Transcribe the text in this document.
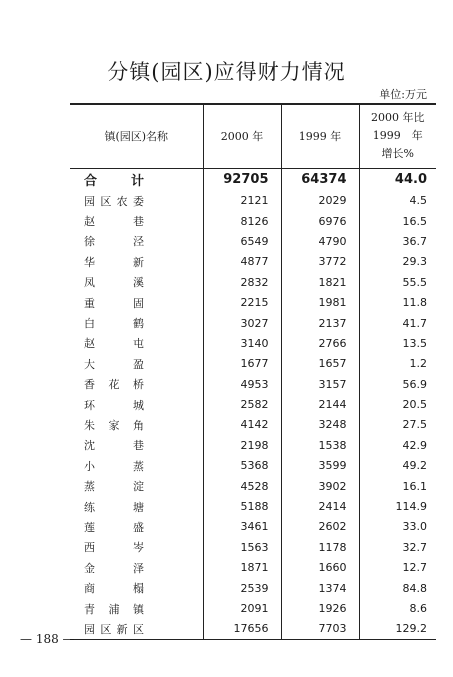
分镇(园区)应得财力情况
单位:万元
镇(园区)名称	2000 年	1999 年	2000 年比
1999　年
增长%

合　　计	92705	64374	44.0
园区农委	2121	2029	4.5
赵　　巷	8126	6976	16.5
徐　　泾	6549	4790	36.7
华　　新	4877	3772	29.3
凤　　溪	2832	1821	55.5
重　　固	2215	1981	11.8
白　　鹤	3027	2137	41.7
赵　　屯	3140	2766	13.5
大　　盈	1677	1657	1.2
香花桥	4953	3157	56.9
环　　城	2582	2144	20.5
朱家角	4142	3248	27.5
沈　　巷	2198	1538	42.9
小　　蒸	5368	3599	49.2
蒸　　淀	4528	3902	16.1
练　　塘	5188	2414	114.9
莲　　盛	3461	2602	33.0
西　　岑	1563	1178	32.7
金　　泽	1871	1660	12.7
商　　榻	2539	1374	84.8
青浦镇	2091	1926	8.6
园区新区	17656	7703	129.2
— 188 —
